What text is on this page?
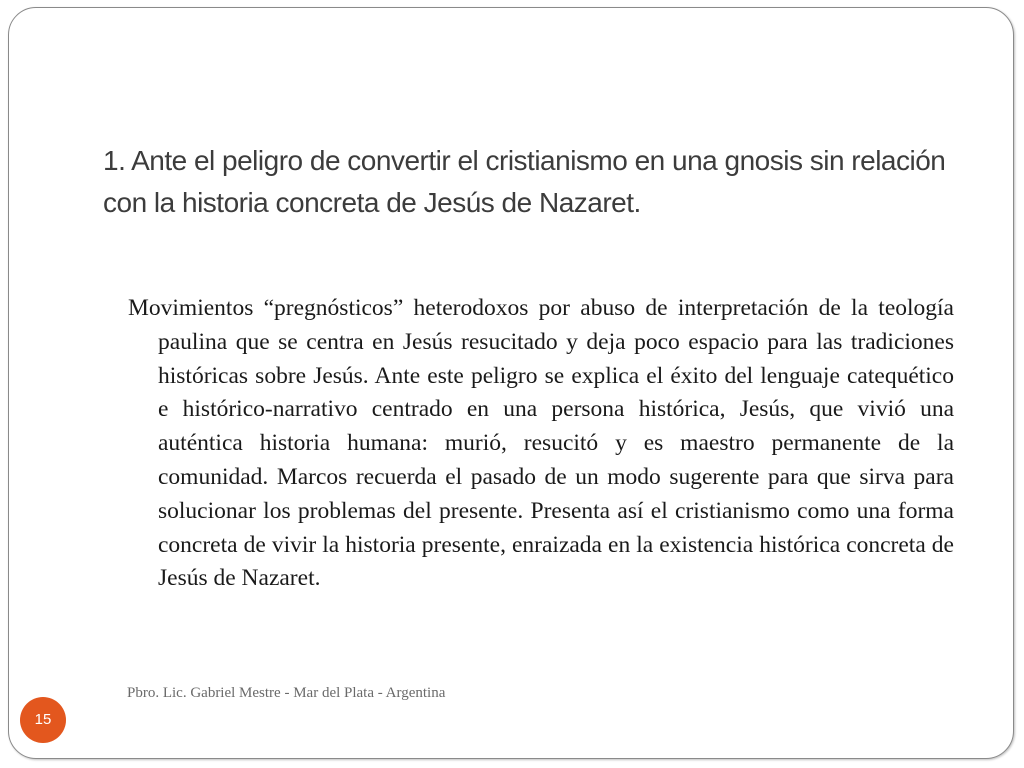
1. Ante el peligro de convertir el cristianismo en una gnosis sin relación con la historia concreta de Jesús de Nazaret.

Movimientos “pregnósticos” heterodoxos por abuso de interpretación de la teología paulina que se centra en Jesús resucitado y deja poco espacio para las tradiciones históricas sobre Jesús. Ante este peligro se explica el éxito del lenguaje catequético e histórico-narrativo centrado en una persona histórica, Jesús, que vivió una auténtica historia humana: murió, resucitó y es maestro permanente de la comunidad. Marcos recuerda el pasado de un modo sugerente para que sirva para solucionar los problemas del presente. Presenta así el cristianismo como una forma concreta de vivir la historia presente, enraizada en la existencia histórica concreta de Jesús de Nazaret.

Pbro. Lic. Gabriel Mestre - Mar del Plata - Argentina

15
